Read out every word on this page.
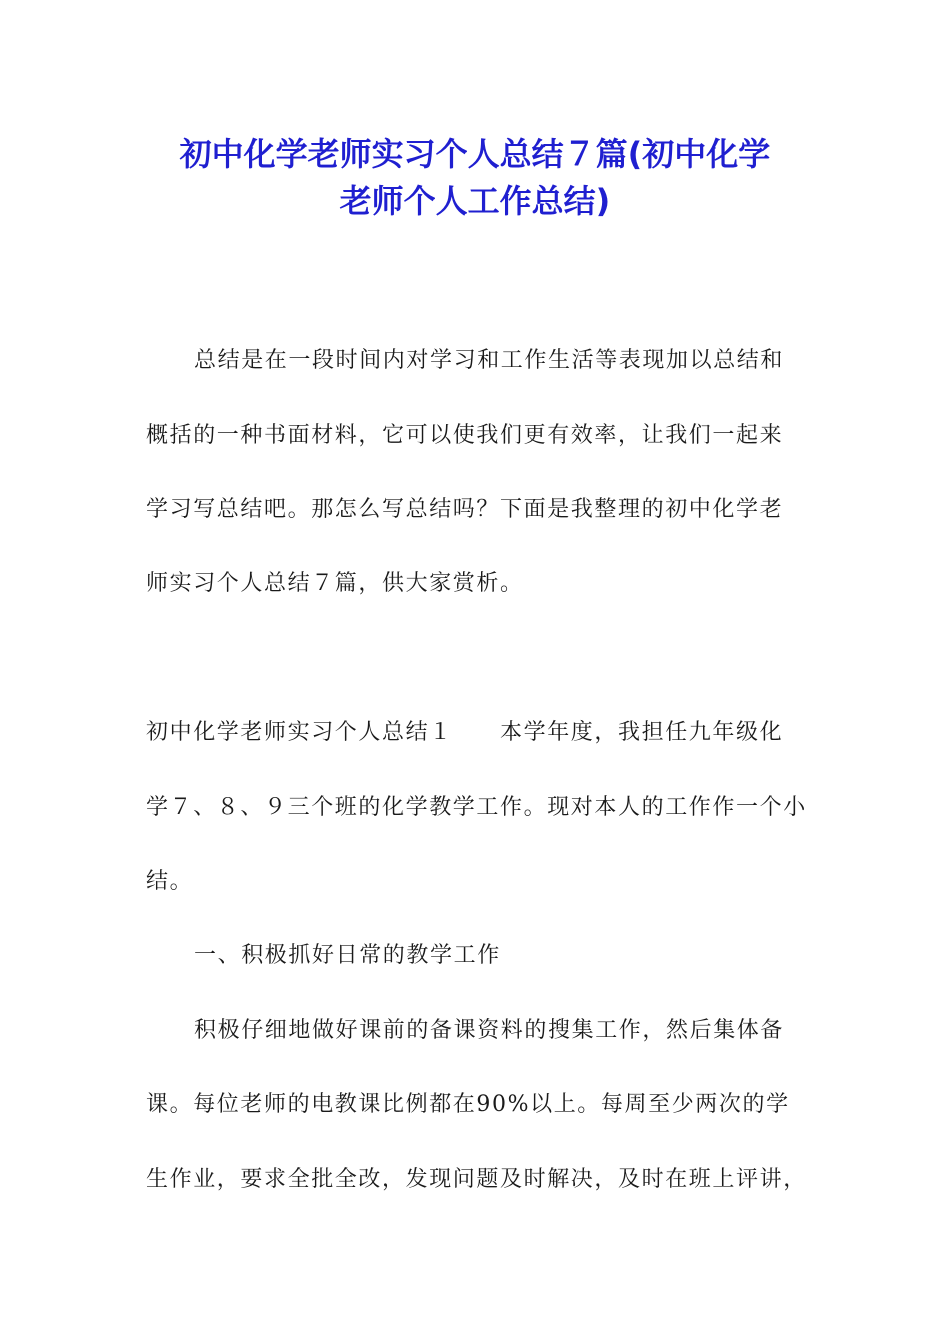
初中化学老师实习个人总结７篇(初中化学
老师个人工作总结)
总结是在一段时间内对学习和工作生活等表现加以总结和
概括的一种书面材料，它可以使我们更有效率，让我们一起来
学习写总结吧。那怎么写总结吗？下面是我整理的初中化学老
师实习个人总结７篇，供大家赏析。
初中化学老师实习个人总结１　　本学年度，我担任九年级化
学７、８、９三个班的化学教学工作。现对本人的工作作一个小
结。
一、积极抓好日常的教学工作
积极仔细地做好课前的备课资料的搜集工作，然后集体备
课。每位老师的电教课比例都在90%以上。每周至少两次的学
生作业，要求全批全改，发现问题及时解决，及时在班上评讲，
